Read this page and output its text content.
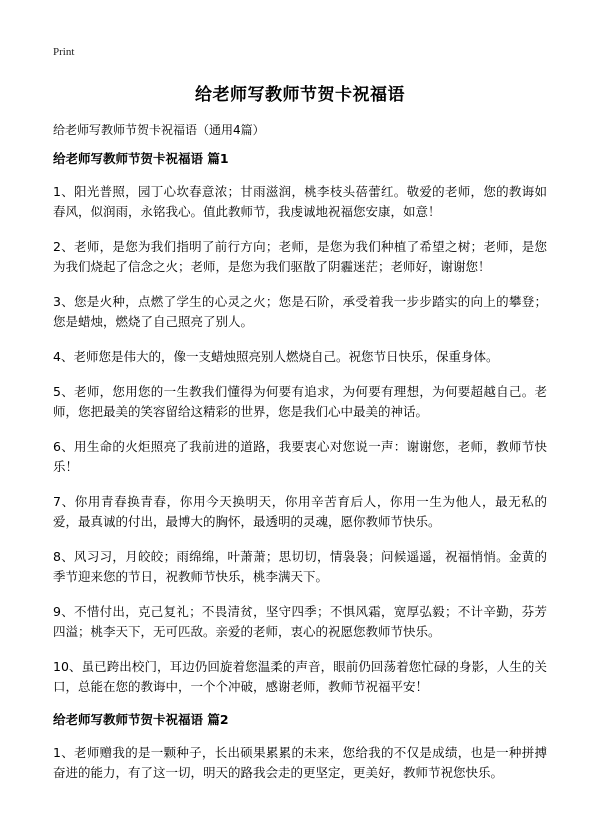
Print
给老师写教师节贺卡祝福语

给老师写教师节贺卡祝福语（通用4篇）

给老师写教师节贺卡祝福语 篇1

1、阳光普照，园丁心坎春意浓；甘雨滋润，桃李枝头蓓蕾红。敬爱的老师，您的教诲如春风，似润雨，永铭我心。值此教师节，我虔诚地祝福您安康，如意！

2、老师，是您为我们指明了前行方向；老师，是您为我们种植了希望之树；老师，是您为我们烧起了信念之火；老师，是您为我们驱散了阴霾迷茫；老师好，谢谢您！

3、您是火种，点燃了学生的心灵之火；您是石阶，承受着我一步步踏实的向上的攀登；您是蜡烛，燃烧了自己照亮了别人。

4、老师您是伟大的，像一支蜡烛照亮别人燃烧自己。祝您节日快乐，保重身体。

5、老师，您用您的一生教我们懂得为何要有追求，为何要有理想，为何要超越自己。老师，您把最美的笑容留给这精彩的世界，您是我们心中最美的神话。

6、用生命的火炬照亮了我前进的道路，我要衷心对您说一声：谢谢您，老师，教师节快乐！

7、你用青春换青春，你用今天换明天，你用辛苦育后人，你用一生为他人，最无私的爱，最真诚的付出，最博大的胸怀，最透明的灵魂，愿你教师节快乐。

8、风习习，月皎皎；雨绵绵，叶萧萧；思切切，情袅袅；问候遥遥，祝福悄悄。金黄的季节迎来您的节日，祝教师节快乐，桃李满天下。

9、不惜付出，克己复礼；不畏清贫，坚守四季；不惧风霜，宽厚弘毅；不计辛勤，芬芳四溢；桃李天下，无可匹敌。亲爱的老师，衷心的祝愿您教师节快乐。

10、虽已跨出校门，耳边仍回旋着您温柔的声音，眼前仍回荡着您忙碌的身影，人生的关口，总能在您的教诲中，一个个冲破，感谢老师，教师节祝福平安！

给老师写教师节贺卡祝福语 篇2

1、老师赠我的是一颗种子，长出硕果累累的未来，您给我的不仅是成绩，也是一种拼搏奋进的能力，有了这一切，明天的路我会走的更坚定，更美好，教师节祝您快乐。
